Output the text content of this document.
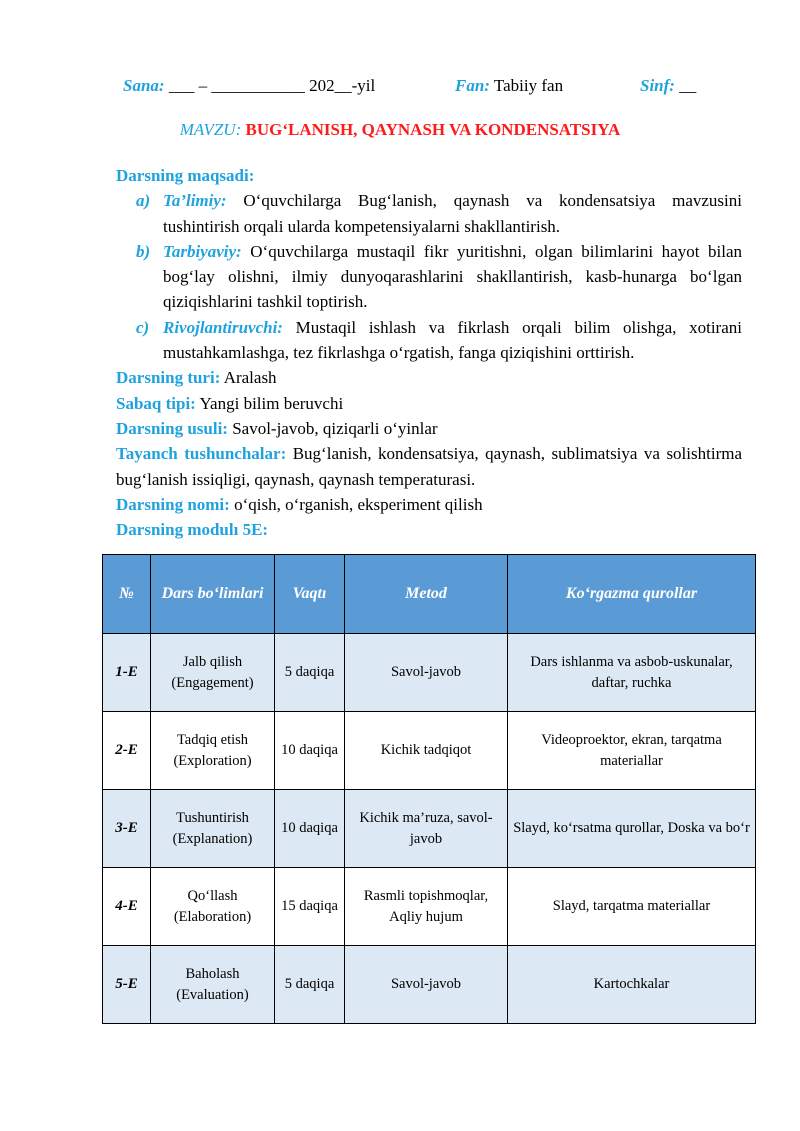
Sana: ___ – ___________ 202__-yil	Fan: Tabiiy fan	Sinf: __
MAVZU: BUG‘LANISH, QAYNASH VA KONDENSATSIYA

Darsning maqsadi:

a) Ta’limiy: O‘quvchilarga Bug‘lanish, qaynash va kondensatsiya mavzusini tushintirish orqali ularda kompetensiyalarni shakllantirish.

b) Tarbiyaviy: O‘quvchilarga mustaqil fikr yuritishni, olgan bilimlarini hayot bilan bog‘lay olishni, ilmiy dunyoqarashlarini shakllantirish, kasb-hunarga bo‘lgan qiziqishlarini tashkil toptirish.

c) Rivojlantiruvchi: Mustaqil ishlash va fikrlash orqali bilim olishga, xotirani mustahkamlashga, tez fikrlashga o‘rgatish, fanga qiziqishini orttirish.

Darsning turi: Aralash

Sabaq tipi: Yangi bilim beruvchi

Darsning usuli: Savol-javob, qiziqarli o‘yinlar

Tayanch tushunchalar: Bug‘lanish, kondensatsiya, qaynash, sublimatsiya va solishtirma bug‘lanish issiqligi, qaynash, qaynash temperaturasi.

Darsning nomi: o‘qish, o‘rganish, eksperiment qilish

Darsning modulı 5E:

№	Dars bo‘limlari	Vaqtı	Metod	Ko‘rgazma qurollar
1-E	Jalb qilish (Engagement)	5 daqiqa	Savol-javob	Dars ishlanma va asbob-uskunalar, daftar, ruchka
2-E	Tadqiq etish (Exploration)	10 daqiqa	Kichik tadqiqot	Videoproektor, ekran, tarqatma materiallar
3-E	Tushuntirish (Explanation)	10 daqiqa	Kichik ma’ruza, savol-javob	Slayd, ko‘rsatma qurollar, Doska va bo‘r
4-E	Qo‘llash (Elaboration)	15 daqiqa	Rasmli topishmoqlar, Aqliy hujum	Slayd, tarqatma materiallar
5-E	Baholash (Evaluation)	5 daqiqa	Savol-javob	Kartochkalar
